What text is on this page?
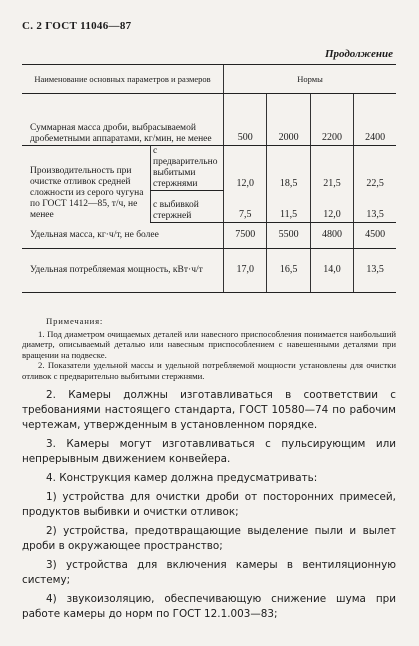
С. 2 ГОСТ 11046—87
Продолжение
Наименование основных параметров и размеров		Нормы			
Суммарная масса дроби, выбрасываемой дробеметными аппаратами, кг/мин, не менее		500	2000	2200	2400
Производительность при очистке отливок средней сложности из серого чугуна по ГОСТ 1412—85, т/ч, не менее	с предварительно выбитыми стержнями	12,0	18,5	21,5	22,5
	с выбивкой стержней	7,5	11,5	12,0	13,5
Удельная масса, кг·ч/т, не более		7500	5500	4800	4500
Удельная потребляемая мощность, кВт·ч/т		17,0	16,5	14,0	13,5
Примечания:

1. Под диаметром очищаемых деталей или навесного приспособления понимается наибольший диаметр, описываемый деталью или навесным приспособлением с навешенными деталями при вращении на подвеске.

2. Показатели удельной массы и удельной потребляемой мощности установлены для очистки отливок с предварительно выбитыми стержнями.

2. Камеры должны изготавливаться в соответствии с требованиями настоящего стандарта, ГОСТ 10580—74 по рабочим чертежам, утвержденным в установленном порядке.

3. Камеры могут изготавливаться с пульсирующим или непрерывным движением конвейера.

4. Конструкция камер должна предусматривать:

1) устройства для очистки дроби от посторонних примесей, продуктов выбивки и очистки отливок;

2) устройства, предотвращающие выделение пыли и вылет дроби в окружающее пространство;

3) устройства для включения камеры в вентиляционную систему;

4) звукоизоляцию, обеспечивающую снижение шума при работе камеры до норм по ГОСТ 12.1.003—83;
